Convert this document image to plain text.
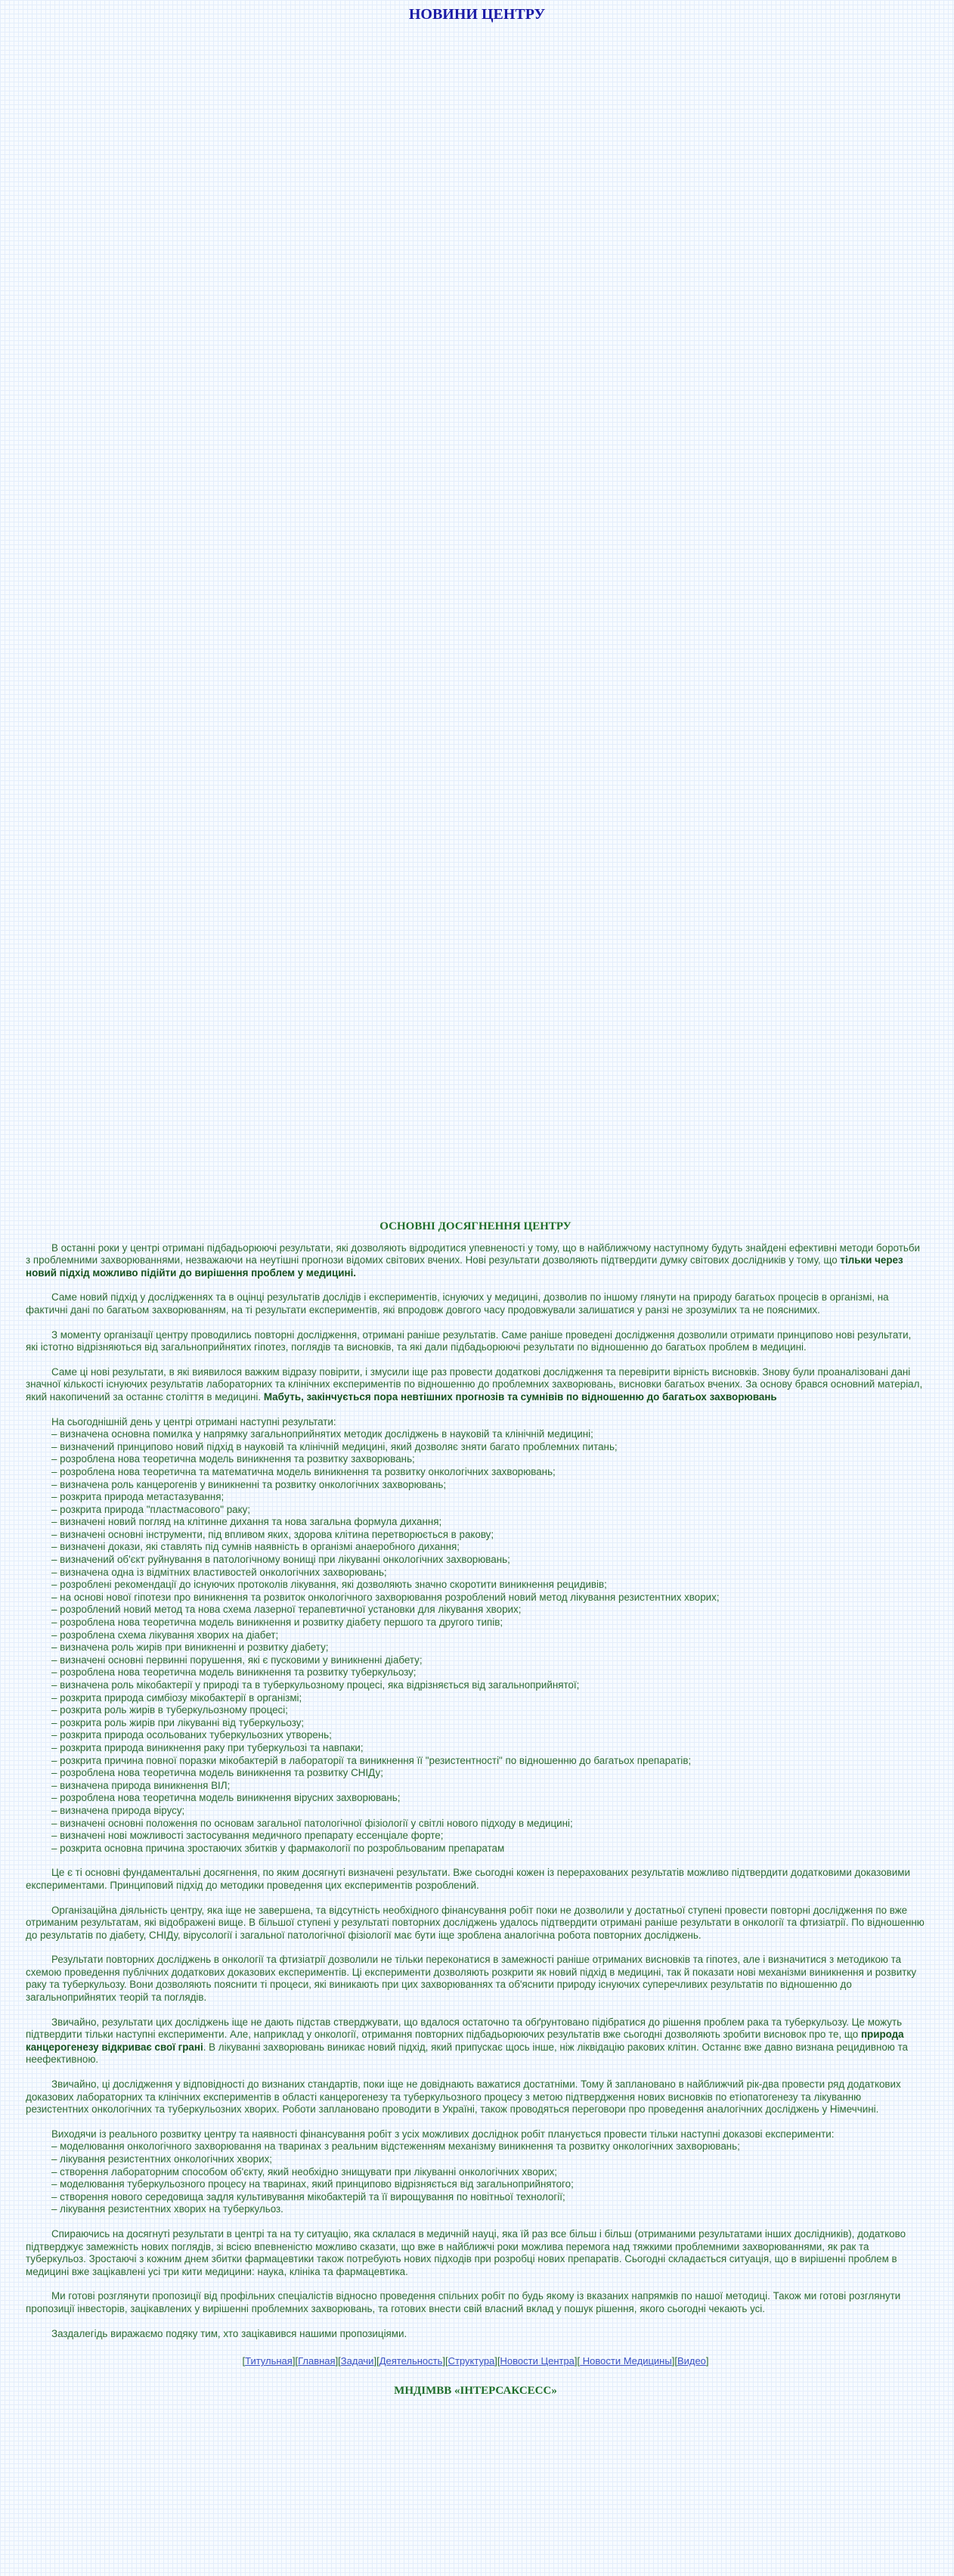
НОВИНИ ЦЕНТРУ
ОСНОВНІ ДОСЯГНЕННЯ ЦЕНТРУ

В останні роки у центрі отримані підбадьорюючі результати, які дозволяють відродитися упевненості у тому, що в найближчому наступному будуть знайдені ефективні методи боротьби з проблемними захворюваннями, незважаючи на неутішні прогнози відомих світових вчених. Нові результати дозволяють підтвердити думку світових дослідників у тому, що тільки через новий підхід можливо підійти до вирішення проблем у медицині.

Саме новий підхід у дослідженнях та в оцінці результатів дослідів і експериментів, існуючих у медицині, дозволив по іншому глянути на природу багатьох процесів в організмі, на фактичні дані по багатьом захворюванням, на ті результати експериментів, які впродовж довгого часу продовжували залишатися у ранзі не зрозумілих та не пояснимих.

З моменту організації центру проводились повторні дослідження, отримані раніше результатів. Саме раніше проведені дослідження дозволили отримати принципово нові результати, які істотно відрізняються від загальноприйнятих гіпотез, поглядів та висновків, та які дали підбадьорюючі результати по відношенню до багатьох проблем в медицині.

Саме ці нові результати, в які виявилося важким відразу повірити, і змусили іще раз провести додаткові дослідження та перевірити вірність висновків. Знову були проаналізовані дані значної кількості існуючих результатів лабораторних та клінічних експериментів по відношенню до проблемних захворювань, висновки багатьох вчених. За основу брався основний матеріал, який накопичений за останнє століття в медицині. Мабуть, закінчується пора невтішних прогнозів та сумнівів по відношенню до багатьох захворювань

На сьогоднішній день у центрі отримані наступні результати:

– визначена основна помилка у напрямку загальноприйнятих методик досліджень в науковій та клінічній медицині;
– визначений принципово новий підхід в науковій та клінічній медицині, який дозволяє зняти багато проблемних питань;
– розроблена нова теоретична модель виникнення та розвитку захворювань;
– розроблена нова теоретична та математична модель виникнення та розвитку онкологічних захворювань;
– визначена роль канцерогенів у виникненні та розвитку онкологічних захворювань;
– розкрита природа метастазування;
– розкрита природа "пластмасового" раку;
– визначені новий погляд на клітинне дихання та нова загальна формула дихання;
– визначені основні інструменти, під впливом яких, здорова клітина перетворюється в ракову;
– визначені докази, які ставлять під сумнів наявність в організмі анаеробного дихання;
– визначений об'єкт руйнування в патологічному вонищі при лікуванні онкологічних захворювань;
– визначена одна із відмітних властивостей онкологічних захворювань;
– розроблені рекомендації до існуючих протоколів лікування, які дозволяють значно скоротити виникнення рецидивів;
– на основі нової гіпотези про виникнення та розвиток онкологічного захворювання розроблений новий метод лікування резистентних хворих;
– розроблений новий метод та нова схема лазерної терапевтичної установки для лікування хворих;
– розроблена нова теоретична модель виникнення и розвитку діабету першого та другого типів;
– розроблена схема лікування хворих на діабет;
– визначена роль жирів при виникненні и розвитку діабету;
– визначені основні первинні порушення, які є пусковими у виникненні діабету;
– розроблена нова теоретична модель виникнення та розвитку туберкульозу;
– визначена роль мікобактерії у природі та в туберкульозному процесі, яка відрізняється від загальноприйнятої;
– розкрита природа симбіозу мікобактерії в організмі;
– розкрита роль жирів в туберкульозному процесі;
– розкрита роль жирів при лікуванні від туберкульозу;
– розкрита природа осольованих туберкульозних утворень;
– розкрита природа виникнення раку при туберкульозі та навпаки;
– розкрита причина повної поразки мікобактерій в лабораторії та виникнення її "резистентності" по відношенню до багатьох препаратів;
– розроблена нова теоретична модель виникнення та розвитку СНІДу;
– визначена природа виникнення ВІЛ;
– розроблена нова теоретична модель виникнення вірусних захворювань;
– визначена природа вірусу;
– визначені основні положення по основам загальної патологічної фізіології у світлі нового підходу в медицині;
– визначені нові можливості застосування медичного препарату ессенціале форте;
– розкрита основна причина зростаючих збитків у фармакології по розробльованим препаратам

Це є ті основні фундаментальні досягнення, по яким досягнуті визначені результати. Вже сьогодні кожен із перерахованих результатів можливо підтвердити додатковими доказовими експериментами. Принциповий підхід до методики проведення цих експериментів розроблений.

Організаційна діяльність центру, яка іще не завершена, та відсутність необхідного фінансування робіт поки не дозволили у достатньої ступені провести повторні дослідження по вже отриманим результатам, які відображені вище. В більшої ступені у результаті повторних досліджень удалось підтвердити отримані раніше результати в онкології та фтизіатрії. По відношенню до результатів по діабету, СНІДу, вірусології і загальної патологічної фізіології має бути іще зроблена аналогічна робота повторних досліджень.

Результати повторних досліджень в онкології та фтизіатрії дозволили не тільки переконатися в замежності раніше отриманих висновків та гіпотез, але і визначитися з методикою та схемою проведення публічних додаткових доказових експериментів. Ці експерименти дозволяють розкрити як новий підхід в медицині, так й показати нові механізми виникнення и розвитку раку та туберкульозу. Вони дозволяють пояснити ті процеси, які виникають при цих захворюваннях та об'яснити природу існуючих суперечливих результатів по відношенню до загальноприйнятих теорій та поглядів.

Звичайно, результати цих досліджень іще не дають підстав стверджувати, що вдалося остаточно та обґрунтовано підібратися до рішення проблем рака та туберкульозу. Це можуть підтвердити тільки наступні експерименти. Але, наприклад у онкології, отримання повторних підбадьорюючих результатів вже сьогодні дозволяють зробити висновок про те, що природа канцерогенезу відкриває свої грані. В лікуванні захворювань виникає новий підхід, який припускає щось інше, ніж ліквідацію ракових клітин. Останнє вже давно визнана рецидивною та неефективною.

Звичайно, ці дослідження у відповідності до визнаних стандартів, поки іще не довіднають важатися достатніми. Тому й заплановано в найближчий рік-два провести ряд додаткових доказових лабораторних та клінічних експериментів в області канцерогенезу та туберкульозного процесу з метою підтвердження нових висновків по етіопатогенезу та лікуванню резистентних онкологічних та туберкульозних хворих. Роботи заплановано проводити в Україні, також проводяться переговори про проведення аналогічних досліджень у Німеччині.

Виходячи із реального розвитку центру та наявності фінансування робіт з усіх можливих досліднок робіт планується провести тільки наступні доказові експерименти:

– моделювання онкологічного захворювання на тваринах з реальним відстеженням механізму виникнення та розвитку онкологічних захворювань;
– лікування резистентних онкологічних хворих;
– створення лабораторним способом об'єкту, який необхідно знищувати при лікуванні онкологічних хворих;
– моделювання туберкульозного процесу на тваринах, який принципово відрізняється від загальноприйнятого;
– створення нового середовища задля культивування мікобактерій та її вирощування по новітньої технології;
– лікування резистентних хворих на туберкульоз.

Спираючись на досягнуті результати в центрі та на ту ситуацію, яка склалася в медичній науці, яка їй раз все більш і більш (отриманими результатами інших дослідників), додатково підтверджує замежність нових поглядів, зі всією впевненістю можливо сказати, що вже в найближчі роки можлива перемога над тяжкими проблемними захворюваннями, як рак та туберкульоз. Зростаючі з кожним днем збитки фармацевтики також потребують нових підходів при розробці нових препаратів. Сьогодні складається ситуація, що в вирішенні проблем в медицині вже зацікавлені усі три кити медицини: наука, клініка та фармацевтика.

Ми готові розглянути пропозиції від профільних спеціалістів відносно проведення спільних робіт по будь якому із вказаних напрямків по нашої методиці. Також ми готові розглянути пропозиції інвесторів, зацікавлених у вирішенні проблемних захворювань, та готових внести свій власний вклад у пошук рішення, якого сьогодні чекають усі.

Заздалегідь виражаємо подяку тим, хто зацікавився нашими пропозиціями.

[Титульная][Главная][Задачи][Деятельность][Структура][Новости Центра][ Новости Медицины][Видео]
МНДІМВВ «ІНТЕРСАКСЕСС»
